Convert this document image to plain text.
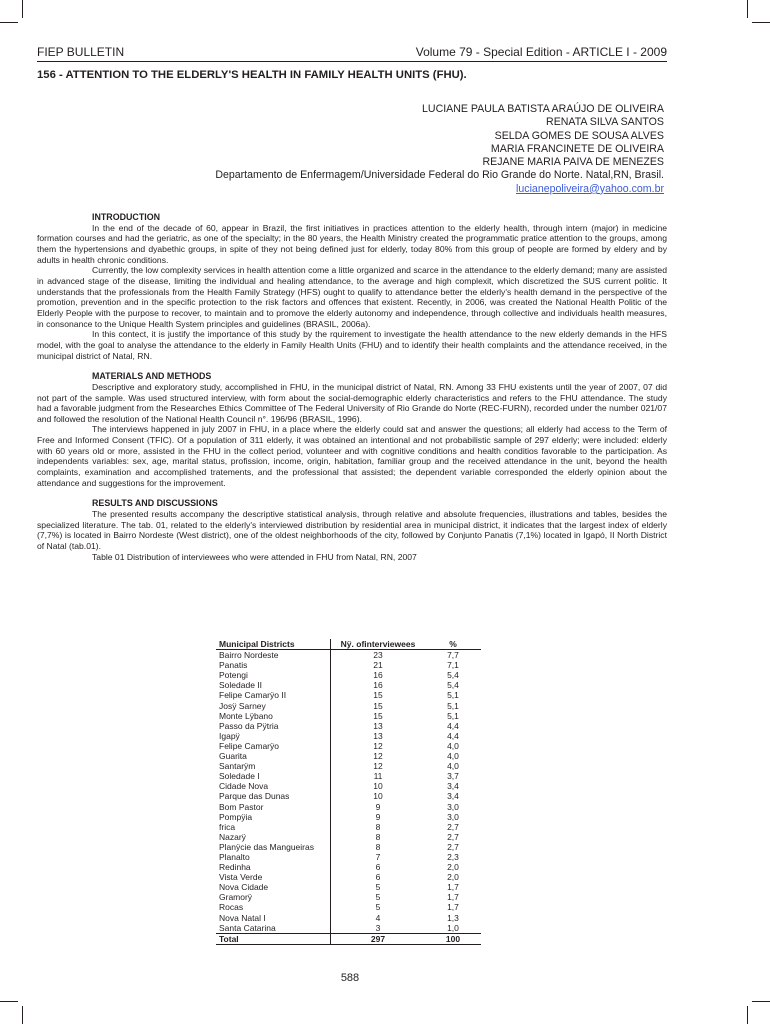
FIEP BULLETIN	Volume 79 - Special Edition - ARTICLE I - 2009
156 - ATTENTION TO THE ELDERLY'S HEALTH IN FAMILY HEALTH UNITS (FHU).
LUCIANE PAULA BATISTA ARAÚJO DE OLIVEIRA
RENATA SILVA SANTOS
SELDA GOMES DE SOUSA ALVES
MARIA FRANCINETE DE OLIVEIRA
REJANE MARIA PAIVA DE MENEZES
Departamento de Enfermagem/Universidade Federal do Rio Grande do Norte. Natal,RN, Brasil.
lucianepoliveira@yahoo.com.br
INTRODUCTION

In the end of the decade of 60, appear in Brazil, the first initiatives in practices attention to the elderly health, through intern (major) in medicine formation courses and had the geriatric, as one of the specialty; in the 80 years, the Health Ministry created the programmatic pratice attention to the groups, among them the hypertensions and dyabethic groups, in spite of they not being defined just for elderly, today 80% from this group of people are formed by eldery and by adults in health chronic conditions.

Currently, the low complexity services in health attention come a little organized and scarce in the attendance to the elderly demand; many are assisted in advanced stage of the disease, limiting the individual and healing attendance, to the average and high complexit, which discretized the SUS current politic. It understands that the professionals from the Health Family Strategy (HFS) ought to qualify to attendance better the elderly's health demand in the perspective of the promotion, prevention and in the specific protection to the risk factors and offences that existent. Recently, in 2006, was created the National Health Politic of the Elderly People with the purpose to recover, to maintain and to promove the elderly autonomy and independence, through collective and individuals health measures, in consonance to the Unique Health System principles and guidelines (BRASIL, 2006a).

In this contect, it is justify the importance of this study by the rquirement to investigate the health attendance to the new elderly demands in the HFS model, with the goal to analyse the attendance to the elderly in Family Health Units (FHU) and to identify their health complaints and the attendance received, in the municipal district of Natal, RN.

MATERIALS AND METHODS

Descriptive and exploratory study, accomplished in FHU, in the municipal district of Natal, RN. Among 33 FHU existents until the year of 2007, 07 did not part of the sample. Was used structured interview, with form about the social-demographic elderly characteristics and refers to the FHU attendance. The study had a favorable judgment from the Researches Ethics Committee of The Federal University of Rio Grande do Norte (REC-FURN), recorded under the number 021/07 and followed the resolution of the National Health Council n°. 196/96 (BRASIL, 1996).

The interviews happened in july 2007 in FHU, in a place where the elderly could sat and answer the questions; all elderly had access to the Term of Free and Informed Consent (TFIC). Of a population of 311 elderly, it was obtained an intentional and not probabilistic sample of 297 elderly; were included: elderly with 60 years old or more, assisted in the FHU in the collect period, volunteer and with cognitive conditions and health conditios favorable to the participation. As independents variables: sex, age, marital status, profission, income, origin, habitation, familiar group and the received attendance in the unit, beyond the health complaints, examination and accomplished tratements, and the professional that assisted; the dependent variable corresponded the elderly opinion about the attendance and suggestions for the improvement.

RESULTS AND DISCUSSIONS

The presented results accompany the descriptive statistical analysis, through relative and absolute frequencies, illustrations and tables, besides the specialized literature. The tab. 01, related to the elderly's interviewed distribution by residential area in municipal district, it indicates that the largest index of elderly (7,7%) is located in Bairro Nordeste (West district), one of the oldest neighborhoods of the city, followed by Conjunto Panatis (7,1%) located in Igapó, II North District of Natal (tab.01).

Table 01 Distribution of interviewees who were attended in FHU from Natal, RN, 2007
Municipal Districts	Nÿ. ofinterviewees	%
Bairro Nordeste	23	7,7
Panatis	21	7,1
Potengi	16	5,4
Soledade II	16	5,4
Felipe Camarÿo II	15	5,1
Josÿ Sarney	15	5,1
Monte Lÿbano	15	5,1
Passo da Pÿtria	13	4,4
Igapÿ	13	4,4
Felipe Camarÿo	12	4,0
Guarita	12	4,0
Santarÿm	12	4,0
Soledade I	11	3,7
Cidade Nova	10	3,4
Parque das Dunas	10	3,4
Bom Pastor	9	3,0
Pompÿia	9	3,0
frica	8	2,7
Nazarÿ	8	2,7
Planÿcie das Mangueiras	8	2,7
Planalto	7	2,3
Redinha	6	2,0
Vista Verde	6	2,0
Nova Cidade	5	1,7
Gramorÿ	5	1,7
Rocas	5	1,7
Nova Natal I	4	1,3
Santa Catarina	3	1,0
Total	297	100
588
